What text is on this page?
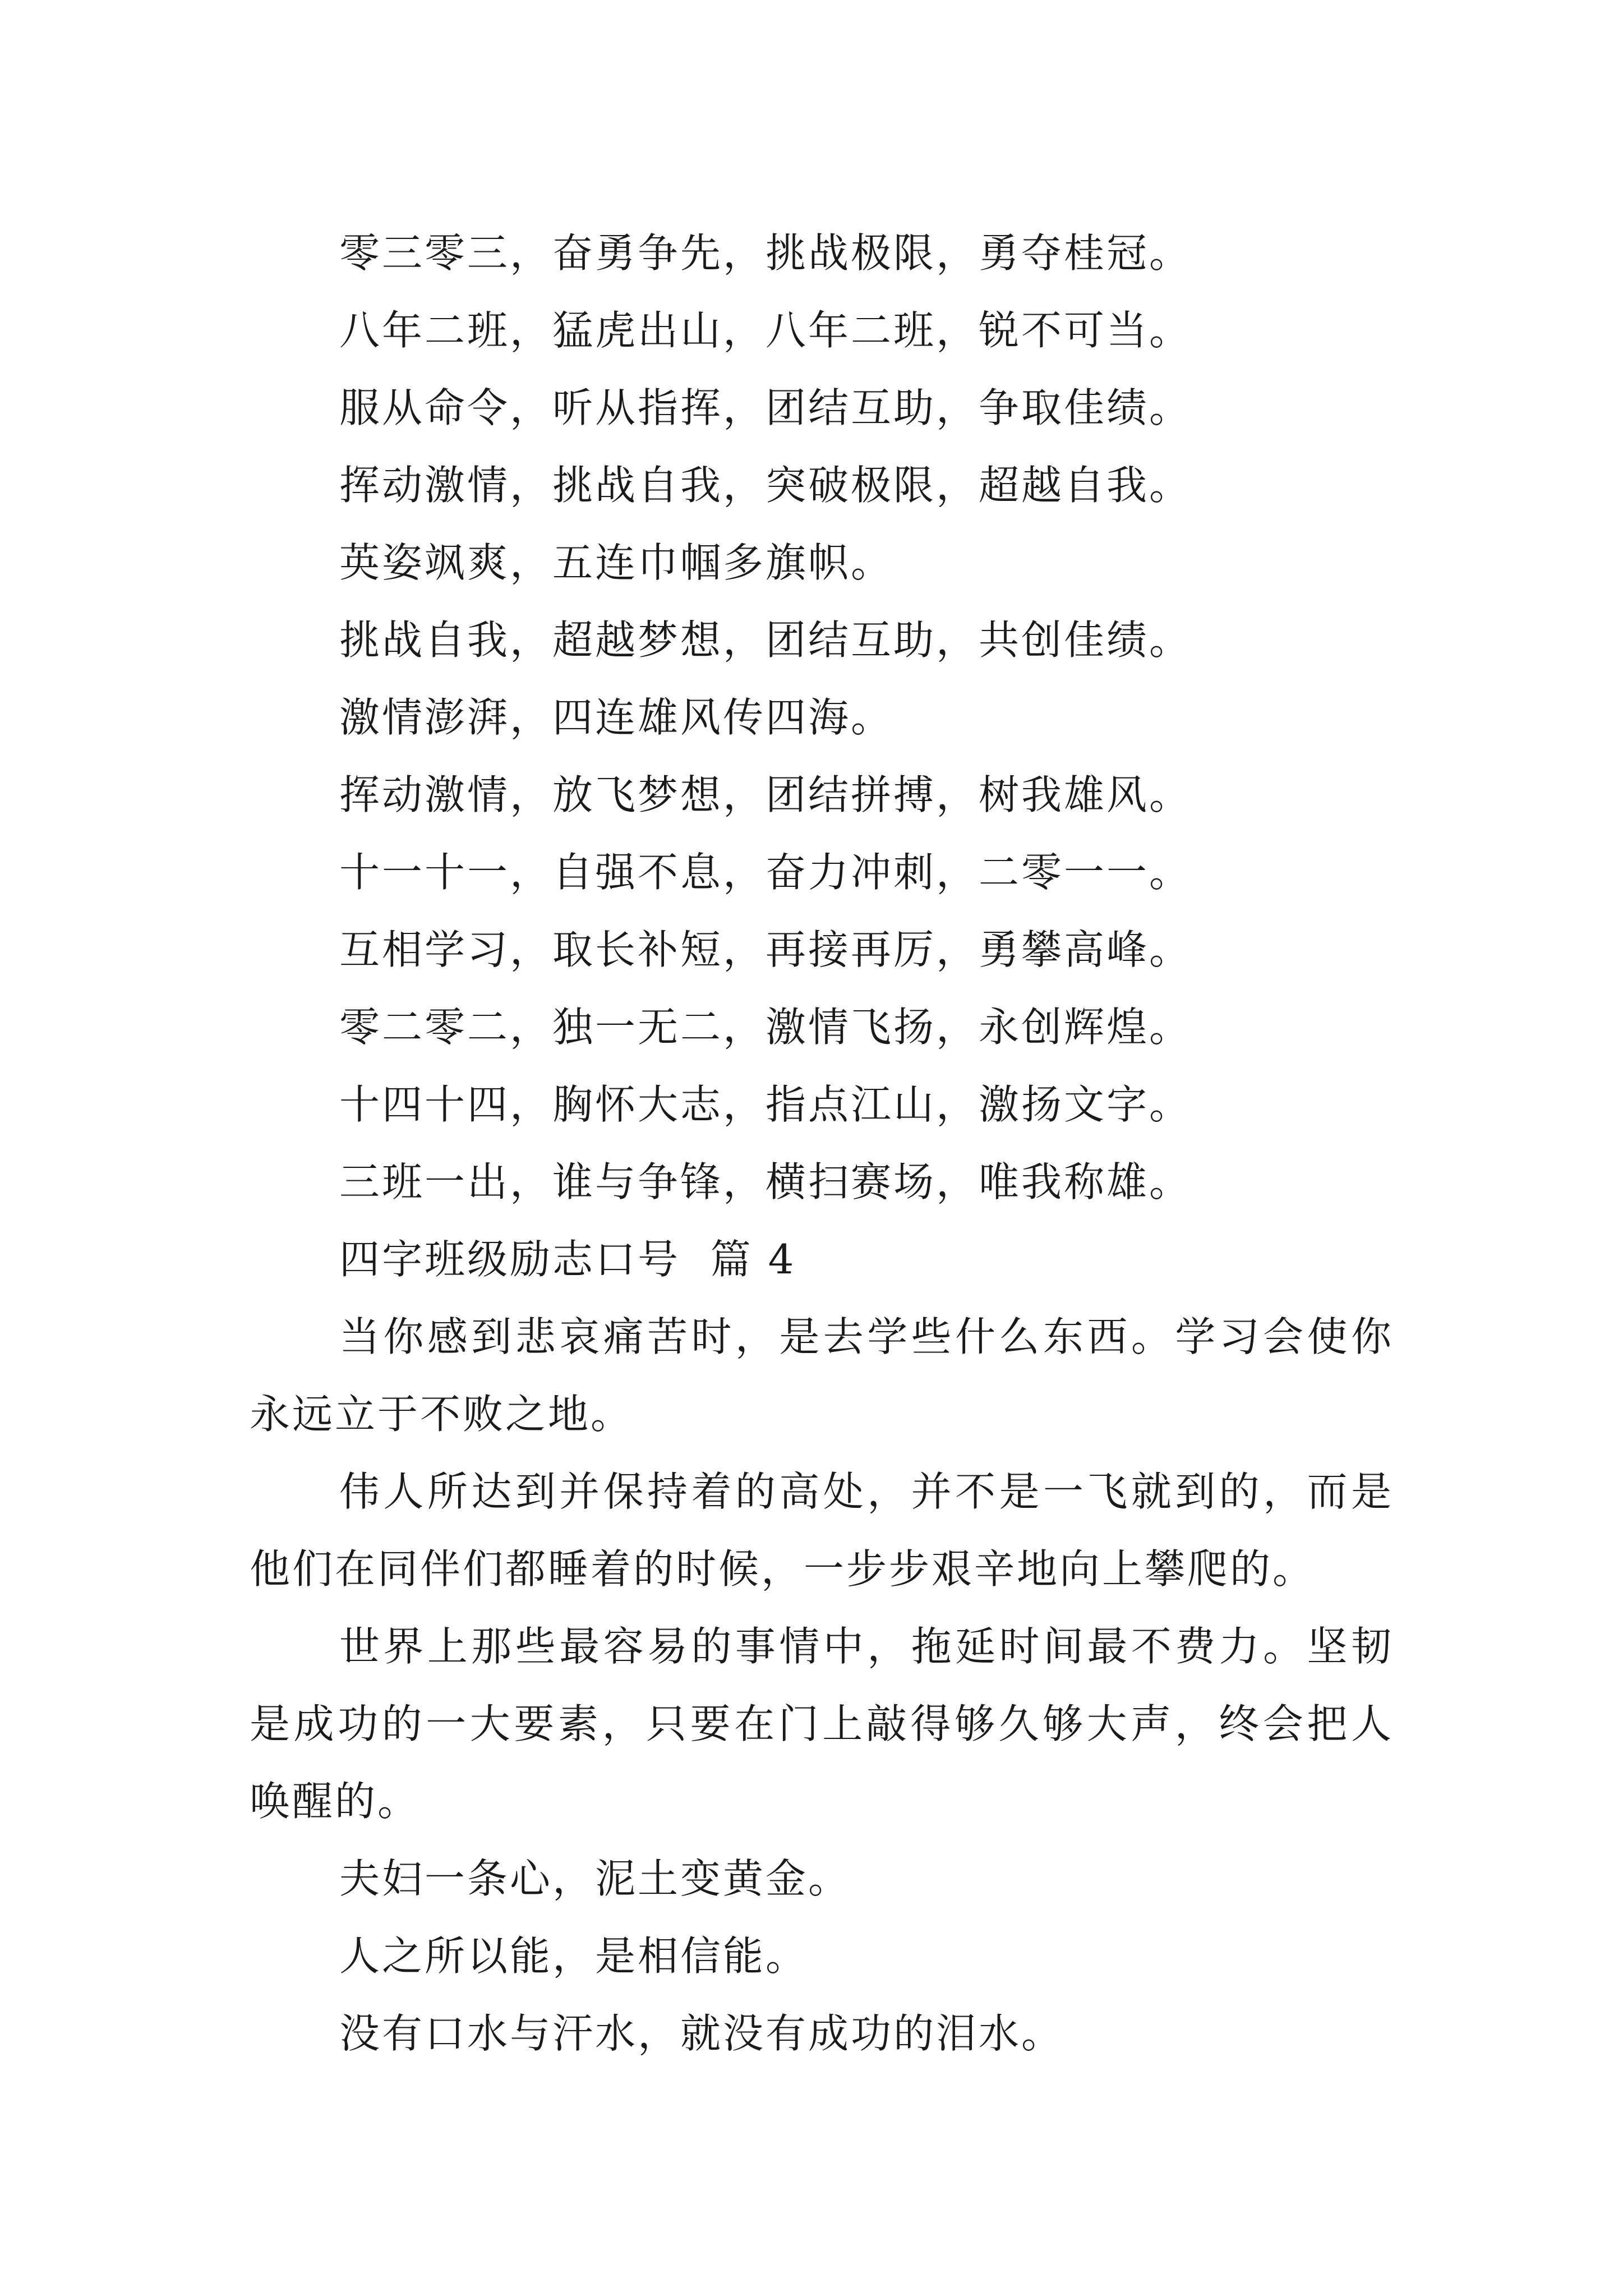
零三零三，奋勇争先，挑战极限，勇夺桂冠。
八年二班，猛虎出山，八年二班，锐不可当。
服从命令，听从指挥，团结互助，争取佳绩。
挥动激情，挑战自我，突破极限，超越自我。
英姿飒爽，五连巾帼多旗帜。
挑战自我，超越梦想，团结互助，共创佳绩。
激情澎湃，四连雄风传四海。
挥动激情，放飞梦想，团结拼搏，树我雄风。
十一十一，自强不息，奋力冲刺，二零一一。
互相学习，取长补短，再接再厉，勇攀高峰。
零二零二，独一无二，激情飞扬，永创辉煌。
十四十四，胸怀大志，指点江山，激扬文字。
三班一出，谁与争锋，横扫赛场，唯我称雄。
四字班级励志口号  篇 4

当你感到悲哀痛苦时，是去学些什么东西。学习会使你永远立于不败之地。

伟人所达到并保持着的高处，并不是一飞就到的，而是他们在同伴们都睡着的时候，一步步艰辛地向上攀爬的。

世界上那些最容易的事情中，拖延时间最不费力。坚韧是成功的一大要素，只要在门上敲得够久够大声，终会把人唤醒的。

夫妇一条心，泥土变黄金。

人之所以能，是相信能。

没有口水与汗水，就没有成功的泪水。
